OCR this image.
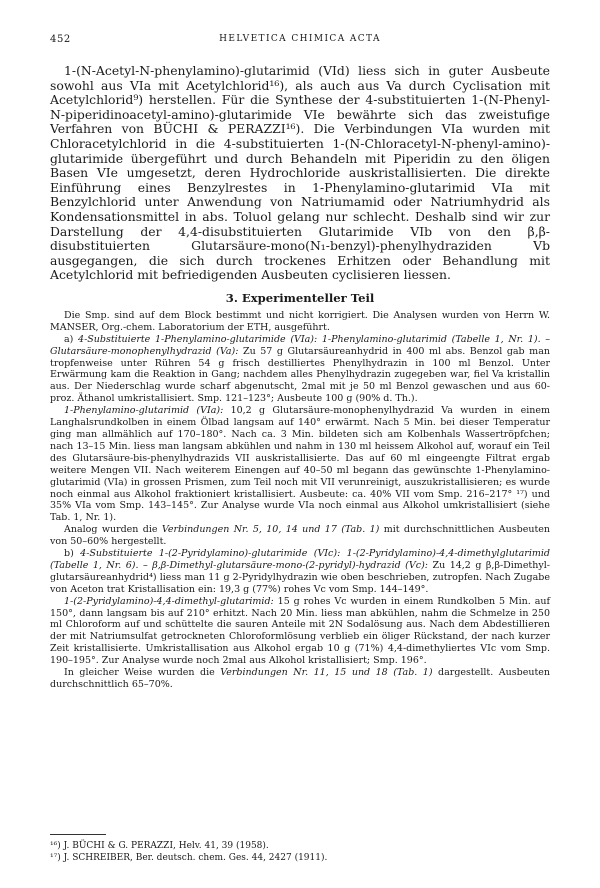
452	HELVETICA CHIMICA ACTA

1-(N-Acetyl-N-phenylamino)-glutarimid (VId) liess sich in guter Ausbeute sowohl aus VIa mit Acetylchlorid¹⁶), als auch aus Va durch Cyclisation mit Acetylchlorid⁹) herstellen. Für die Synthese der 4-substituierten 1-(N-Phenyl-N-piperidinoacetyl-amino)-glutarimide VIe bewährte sich das zweistufige Verfahren von BÜCHI & PERAZZI¹⁶). Die Verbindungen VIa wurden mit Chloracetylchlorid in die 4-substituierten 1-(N-Chloracetyl-N-phenyl-amino)-glutarimide übergeführt und durch Behandeln mit Piperidin zu den öligen Basen VIe umgesetzt, deren Hydrochloride auskristallisierten. Die direkte Einführung eines Benzylrestes in 1-Phenylamino-glutarimid VIa mit Benzylchlorid unter Anwendung von Natriumamid oder Natriumhydrid als Kondensationsmittel in abs. Toluol gelang nur schlecht. Deshalb sind wir zur Darstellung der 4,4-disubstituierten Glutarimide VIb von den β,β-disubstituierten Glutarsäure-mono(N₁-benzyl)-phenylhydraziden Vb ausgegangen, die sich durch trockenes Erhitzen oder Behandlung mit Acetylchlorid mit befriedigenden Ausbeuten cyclisieren liessen.

3. Experimenteller Teil

Die Smp. sind auf dem Block bestimmt und nicht korrigiert. Die Analysen wurden von Herrn W. MANSER, Org.-chem. Laboratorium der ETH, ausgeführt.

a) 4-Substituierte 1-Phenylamino-glutarimide (VIa): 1-Phenylamino-glutarimid (Tabelle 1, Nr. 1). – Glutarsäure-monophenylhydrazid (Va): Zu 57 g Glutarsäureanhydrid in 400 ml abs. Benzol gab man tropfenweise unter Rühren 54 g frisch destilliertes Phenylhydrazin in 100 ml Benzol. Unter Erwärmung kam die Reaktion in Gang; nachdem alles Phenylhydrazin zugegeben war, fiel Va kristallin aus. Der Niederschlag wurde scharf abgenutscht, 2mal mit je 50 ml Benzol gewaschen und aus 60-proz. Äthanol umkristallisiert. Smp. 121–123°; Ausbeute 100 g (90% d. Th.).

1-Phenylamino-glutarimid (VIa): 10,2 g Glutarsäure-monophenylhydrazid Va wurden in einem Langhalsrundkolben in einem Ölbad langsam auf 140° erwärmt. Nach 5 Min. bei dieser Temperatur ging man allmählich auf 170–180°. Nach ca. 3 Min. bildeten sich am Kolbenhals Wassertröpfchen; nach 13–15 Min. liess man langsam abkühlen und nahm in 130 ml heissem Alkohol auf, worauf ein Teil des Glutarsäure-bis-phenylhydrazids VII auskristallisierte. Das auf 60 ml eingeengte Filtrat ergab weitere Mengen VII. Nach weiterem Einengen auf 40–50 ml begann das gewünschte 1-Phenylamino-glutarimid (VIa) in grossen Prismen, zum Teil noch mit VII verunreinigt, auszukristallisieren; es wurde noch einmal aus Alkohol fraktioniert kristallisiert. Ausbeute: ca. 40% VII vom Smp. 216–217° ¹⁷) und 35% VIa vom Smp. 143–145°. Zur Analyse wurde VIa noch einmal aus Alkohol umkristallisiert (siehe Tab. 1, Nr. 1).

Analog wurden die Verbindungen Nr. 5, 10, 14 und 17 (Tab. 1) mit durchschnittlichen Ausbeuten von 50–60% hergestellt.

b) 4-Substituierte 1-(2-Pyridylamino)-glutarimide (VIc): 1-(2-Pyridylamino)-4,4-dimethylglutarimid (Tabelle 1, Nr. 6). – β,β-Dimethyl-glutarsäure-mono-(2-pyridyl)-hydrazid (Vc): Zu 14,2 g β,β-Dimethyl-glutarsäureanhydrid⁴) liess man 11 g 2-Pyridylhydrazin wie oben beschrieben, zutropfen. Nach Zugabe von Aceton trat Kristallisation ein: 19,3 g (77%) rohes Vc vom Smp. 144–149°.

1-(2-Pyridylamino)-4,4-dimethyl-glutarimid: 15 g rohes Vc wurden in einem Rundkolben 5 Min. auf 150°, dann langsam bis auf 210° erhitzt. Nach 20 Min. liess man abkühlen, nahm die Schmelze in 250 ml Chloroform auf und schüttelte die sauren Anteile mit 2N Sodalösung aus. Nach dem Abdestillieren der mit Natriumsulfat getrockneten Chloroformlösung verblieb ein öliger Rückstand, der nach kurzer Zeit kristallisierte. Umkristallisation aus Alkohol ergab 10 g (71%) 4,4-dimethyliertes VIc vom Smp. 190–195°. Zur Analyse wurde noch 2mal aus Alkohol kristallisiert; Smp. 196°.

In gleicher Weise wurden die Verbindungen Nr. 11, 15 und 18 (Tab. 1) dargestellt. Ausbeuten durchschnittlich 65–70%.

¹⁶) J. BÜCHI & G. PERAZZI, Helv. 41, 39 (1958).

¹⁷) J. SCHREIBER, Ber. deutsch. chem. Ges. 44, 2427 (1911).
